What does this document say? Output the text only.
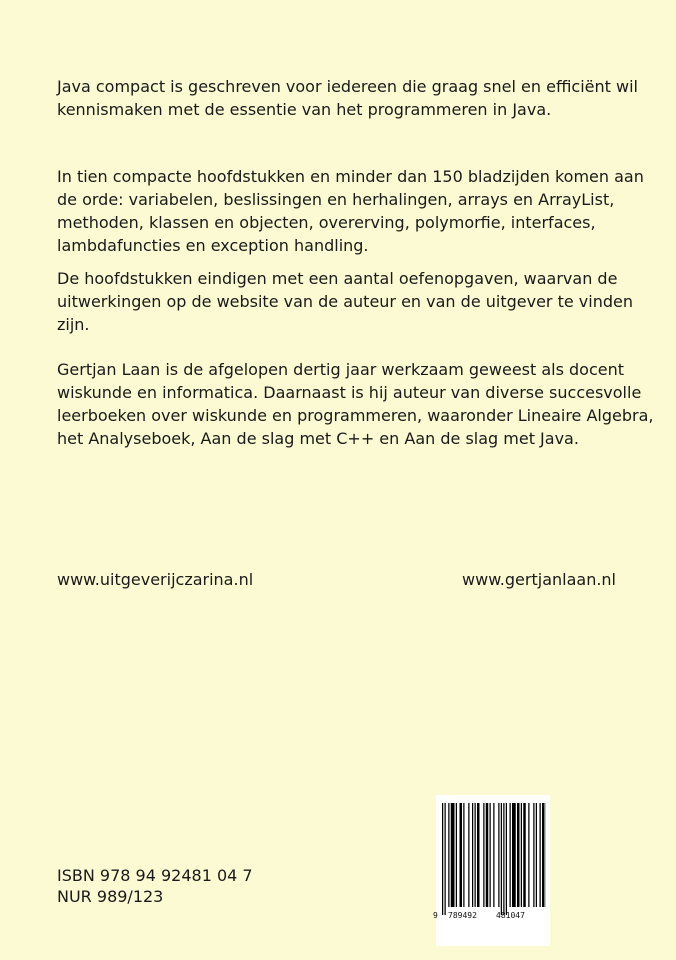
Java compact is geschreven voor iedereen die graag snel en efficiënt wil kennismaken met de essentie van het programmeren in Java.

In tien compacte hoofdstukken en minder dan 150 bladzijden komen aan de orde: variabelen, beslissingen en herhalingen, arrays en ArrayList, methoden, klassen en objecten, overerving, polymorfie, interfaces, lambdafuncties en exception handling.

De hoofdstukken eindigen met een aantal oefenopgaven, waarvan de uitwerkingen op de website van de auteur en van de uitgever te vinden zijn.

Gertjan Laan is de afgelopen dertig jaar werkzaam geweest als docent wiskunde en informatica. Daarnaast is hij auteur van diverse succesvolle leerboeken over wiskunde en programmeren, waaronder Lineaire Algebra, het Analyseboek, Aan de slag met C++ en Aan de slag met Java.

www.uitgeverijczarina.nl	www.gertjanlaan.nl
ISBN 978 94 92481 04 7
NUR 989/123
9 789492 481047
